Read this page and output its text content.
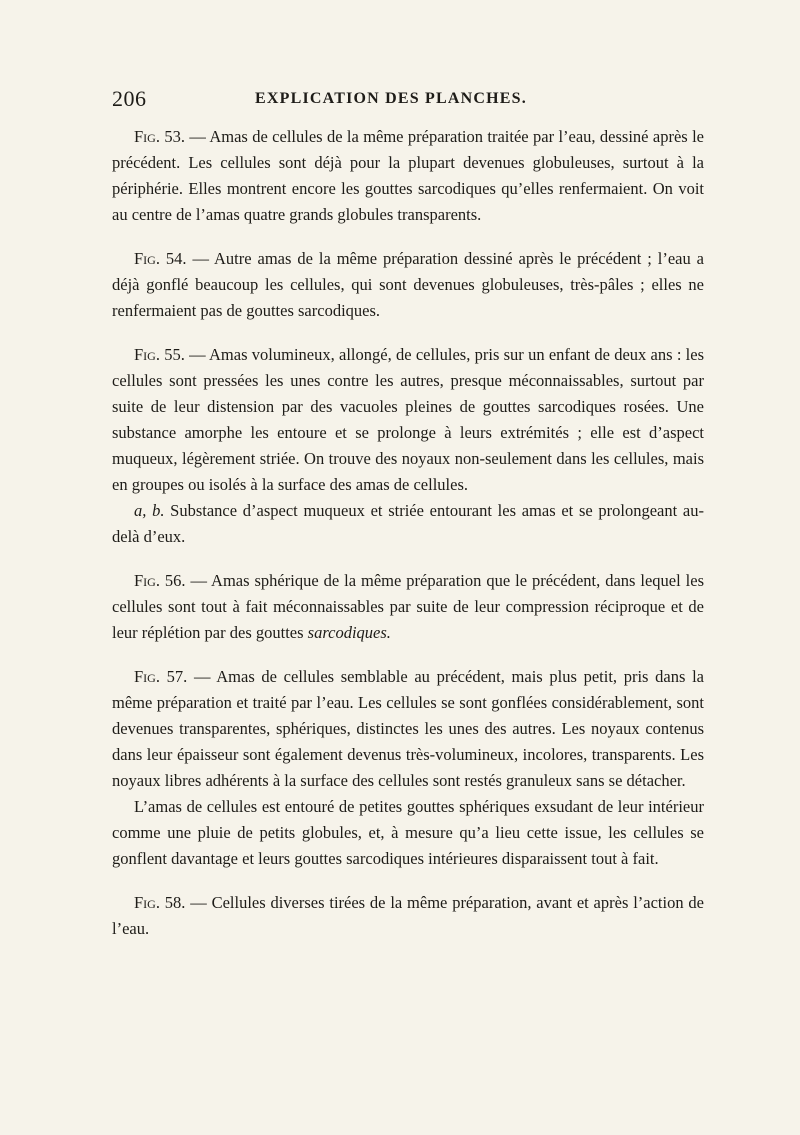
206	EXPLICATION DES PLANCHES.

Fig. 53. — Amas de cellules de la même préparation traitée par l’eau, dessiné après le précédent. Les cellules sont déjà pour la plupart devenues globuleuses, surtout à la périphérie. Elles montrent encore les gouttes sarcodiques qu’elles renfermaient. On voit au centre de l’amas quatre grands globules transparents.

Fig. 54. — Autre amas de la même préparation dessiné après le précédent ; l’eau a déjà gonflé beaucoup les cellules, qui sont devenues globuleuses, très-pâles ; elles ne renfermaient pas de gouttes sarcodiques.

Fig. 55. — Amas volumineux, allongé, de cellules, pris sur un enfant de deux ans : les cellules sont pressées les unes contre les autres, presque méconnaissables, surtout par suite de leur distension par des vacuoles pleines de gouttes sarcodiques rosées. Une substance amorphe les entoure et se prolonge à leurs extrémités ; elle est d’aspect muqueux, légèrement striée. On trouve des noyaux non-seulement dans les cellules, mais en groupes ou isolés à la surface des amas de cellules.

a, b. Substance d’aspect muqueux et striée entourant les amas et se prolongeant au-delà d’eux.

Fig. 56. — Amas sphérique de la même préparation que le précédent, dans lequel les cellules sont tout à fait méconnaissables par suite de leur compression réciproque et de leur réplétion par des gouttes sarcodiques.

Fig. 57. — Amas de cellules semblable au précédent, mais plus petit, pris dans la même préparation et traité par l’eau. Les cellules se sont gonflées considérablement, sont devenues transparentes, sphériques, distinctes les unes des autres. Les noyaux contenus dans leur épaisseur sont également devenus très-volumineux, incolores, transparents. Les noyaux libres adhérents à la surface des cellules sont restés granuleux sans se détacher.

L’amas de cellules est entouré de petites gouttes sphériques exsudant de leur intérieur comme une pluie de petits globules, et, à mesure qu’a lieu cette issue, les cellules se gonflent davantage et leurs gouttes sarcodiques intérieures disparaissent tout à fait.

Fig. 58. — Cellules diverses tirées de la même préparation, avant et après l’action de l’eau.
